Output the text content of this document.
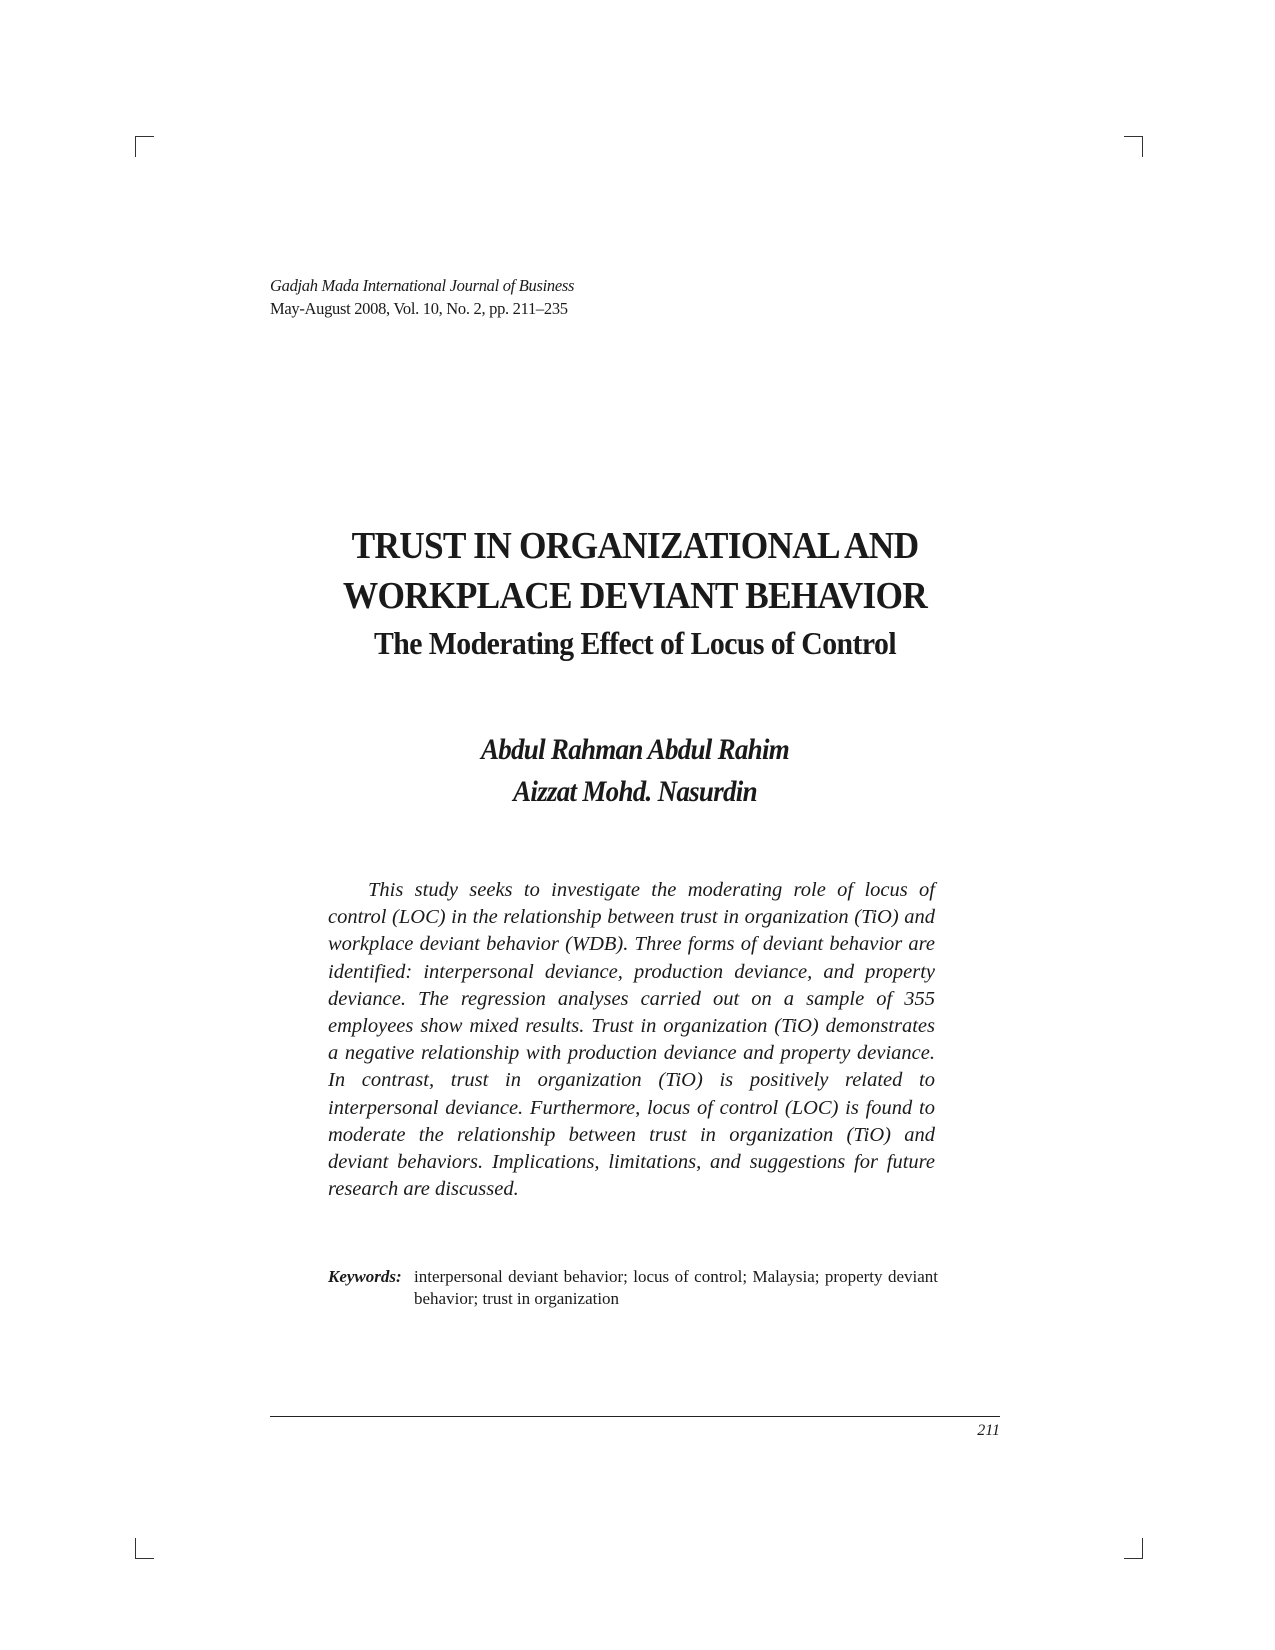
Gadjah Mada International Journal of Business
May-August 2008, Vol. 10, No. 2, pp. 211–235
TRUST IN ORGANIZATIONAL AND
WORKPLACE DEVIANT BEHAVIOR
The Moderating Effect of Locus of Control
Abdul Rahman Abdul Rahim
Aizzat Mohd. Nasurdin

This study seeks to investigate the moderating role of locus of control (LOC) in the relationship between trust in organization (TiO) and workplace deviant behavior (WDB). Three forms of deviant behavior are identified: interpersonal deviance, production deviance, and property deviance. The regression analyses carried out on a sample of 355 employees show mixed results. Trust in organization (TiO) demonstrates a negative relationship with production deviance and property deviance. In contrast, trust in organization (TiO) is positively related to interpersonal deviance. Furthermore, locus of control (LOC) is found to moderate the relationship between trust in organization (TiO) and deviant behaviors. Implications, limitations, and suggestions for future research are discussed.

Keywords: interpersonal deviant behavior; locus of control; Malaysia; property deviant behavior; trust in organization
211
